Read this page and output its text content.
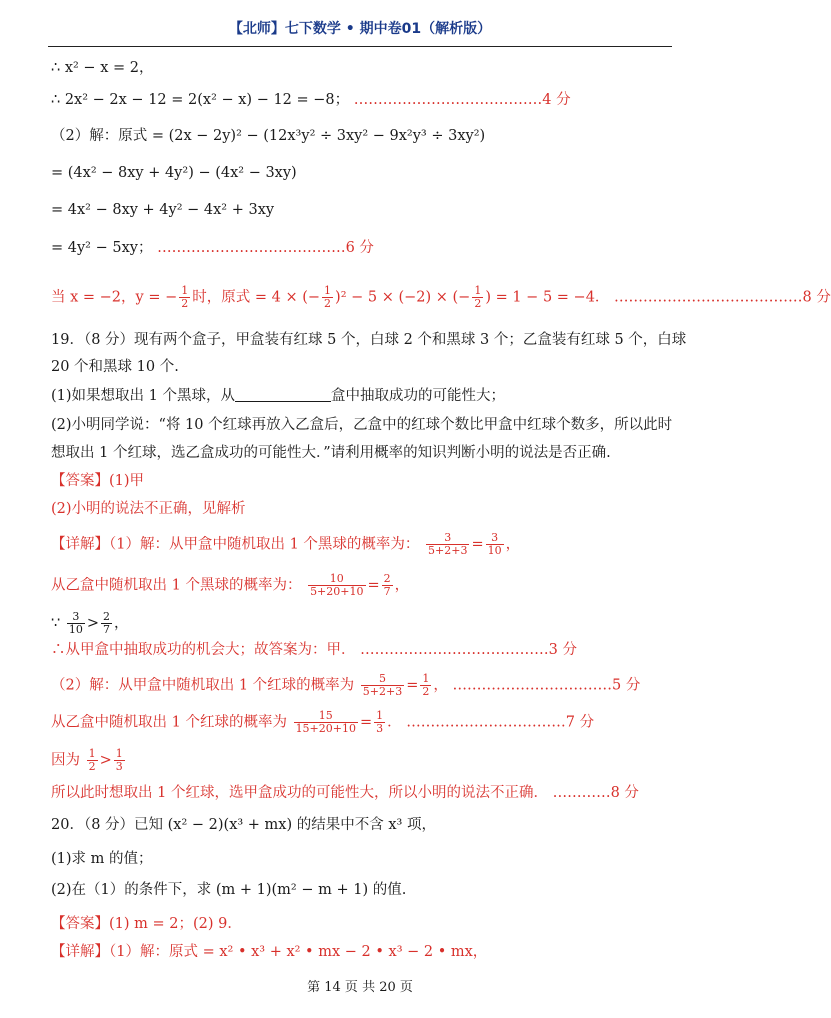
【北师】七下数学 • 期中卷01（解析版）
∴ x² − x = 2，
∴ 2x² − 2x − 12 = 2(x² − x) − 12 = −8； …………………………………4 分
（2）解：原式 = (2x − 2y)² − (12x³y² ÷ 3xy² − 9x²y³ ÷ 3xy²)
= (4x² − 8xy + 4y²) − (4x² − 3xy)
= 4x² − 8xy + 4y² − 4x² + 3xy
= 4y² − 5xy； …………………………………6 分
当 x = −2，y = − $\frac{1}{2}$ 时，原式 = 4 × (− $\frac{1}{2} )^2 - 5 \times (-2)$ × (− $\frac{1}{2}$ ) = 1 − 5 = −4． …………………………………8 分
19．（8 分）现有两个盒子，甲盒装有红球 5 个，白球 2 个和黑球 3 个；乙盒装有红球 5 个，白球
20 个和黑球 10 个.
(1)如果想取出 1 个黑球，从	盒中抽取成功的可能性大；
(2)小明同学说：“将 10 个红球再放入乙盒后，乙盒中的红球个数比甲盒中红球个数多，所以此时
想取出 1 个红球，选乙盒成功的可能性大．”请利用概率的知识判断小明的说法是否正确.
【答案】(1)甲
(2)小明的说法不正确，见解析
【详解】（1）解：从甲盒中随机取出 1 个黑球的概率为： $\frac{3}{5+2+3} = \frac{3}{10}$ ，
从乙盒中随机取出 1 个黑球的概率为： $\frac{10}{5+20+10} = \frac{2}{7}$ ，
∵ $\frac{3}{10} > \frac{2}{7}$ ，
∴从甲盒中抽取成功的机会大；故答案为：甲． …………………………………3 分
（2）解：从甲盒中随机取出 1 个红球的概率为 $\frac{5}{5+2+3} = \frac{1}{2}$ ， ……………………………5 分
从乙盒中随机取出 1 个红球的概率为 $\frac{15}{15+20+10} = \frac{1}{3}$ ． ……………………………7 分
因为 $\frac{1}{2} > \frac{1}{3}$
所以此时想取出 1 个红球，选甲盒成功的可能性大，所以小明的说法不正确． …………8 分
20．（8 分）已知 (x² − 2)(x³ + mx) 的结果中不含 x³ 项，
(1)求 m 的值；
(2)在（1）的条件下，求 (m + 1)(m² − m + 1) 的值.
【答案】(1) m = 2；(2) 9．
【详解】（1）解：原式 = x² • x³ + x² • mx − 2 • x³ − 2 • mx，
第 14 页 共 20 页
